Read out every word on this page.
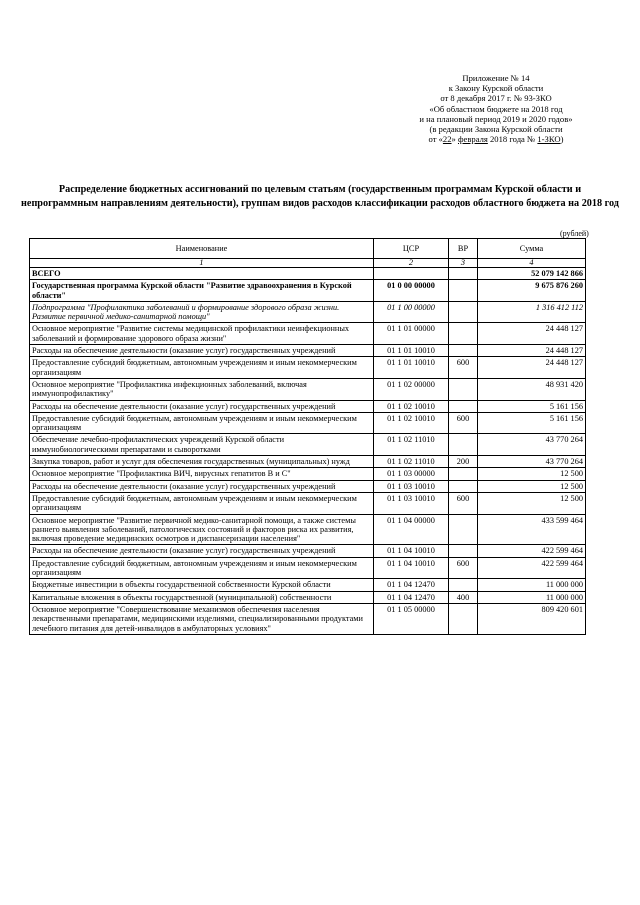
Приложение № 14
к Закону Курской области
от 8 декабря 2017 г. № 93-ЗКО
«Об областном бюджете на 2018 год
и на плановый период 2019 и 2020 годов»
(в редакции Закона Курской области
от «22» февраля 2018 года № 1-ЗКО)
Распределение бюджетных ассигнований по целевым статьям (государственным программам Курской области и непрограммным направлениям деятельности), группам видов расходов классификации расходов областного бюджета на 2018 год
(рублей)
Наименование	ЦСР	ВР	Сумма
1	2	3	4
ВСЕГО			52 079 142 866
Государственная программа Курской области "Развитие здравоохранения в Курской области"	01 0 00 00000		9 675 876 260
Подпрограмма "Профилактика заболеваний и формирование здорового образа жизни. Развитие первичной медико-санитарной помощи"	01 1 00 00000		1 316 412 112
Основное мероприятие "Развитие системы медицинской профилактики неинфекционных заболеваний и формирование здорового образа жизни"	01 1 01 00000		24 448 127
Расходы на обеспечение деятельности (оказание услуг) государственных учреждений	01 1 01 10010		24 448 127
Предоставление субсидий бюджетным, автономным учреждениям и иным некоммерческим организациям	01 1 01 10010	600	24 448 127
Основное мероприятие "Профилактика инфекционных заболеваний, включая иммунопрофилактику"	01 1 02 00000		48 931 420
Расходы на обеспечение деятельности (оказание услуг) государственных учреждений	01 1 02 10010		5 161 156
Предоставление субсидий бюджетным, автономным учреждениям и иным некоммерческим организациям	01 1 02 10010	600	5 161 156
Обеспечение лечебно-профилактических учреждений Курской области иммунобиологическими препаратами и сыворотками	01 1 02 11010		43 770 264
Закупка товаров, работ и услуг для обеспечения государственных (муниципальных) нужд	01 1 02 11010	200	43 770 264
Основное мероприятие "Профилактика ВИЧ, вирусных гепатитов В и С"	01 1 03 00000		12 500
Расходы на обеспечение деятельности (оказание услуг) государственных учреждений	01 1 03 10010		12 500
Предоставление субсидий бюджетным, автономным учреждениям и иным некоммерческим организациям	01 1 03 10010	600	12 500
Основное мероприятие "Развитие первичной медико-санитарной помощи, а также системы раннего выявления заболеваний, патологических состояний и факторов риска их развития, включая проведение медицинских осмотров и диспансеризации населения"	01 1 04 00000		433 599 464
Расходы на обеспечение деятельности (оказание услуг) государственных учреждений	01 1 04 10010		422 599 464
Предоставление субсидий бюджетным, автономным учреждениям и иным некоммерческим организациям	01 1 04 10010	600	422 599 464
Бюджетные инвестиции в объекты государственной собственности Курской области	01 1 04 12470		11 000 000
Капитальные вложения в объекты государственной (муниципальной) собственности	01 1 04 12470	400	11 000 000
Основное мероприятие "Совершенствование механизмов обеспечения населения лекарственными препаратами, медицинскими изделиями, специализированными продуктами лечебного питания для детей-инвалидов в амбулаторных условиях"	01 1 05 00000		809 420 601
